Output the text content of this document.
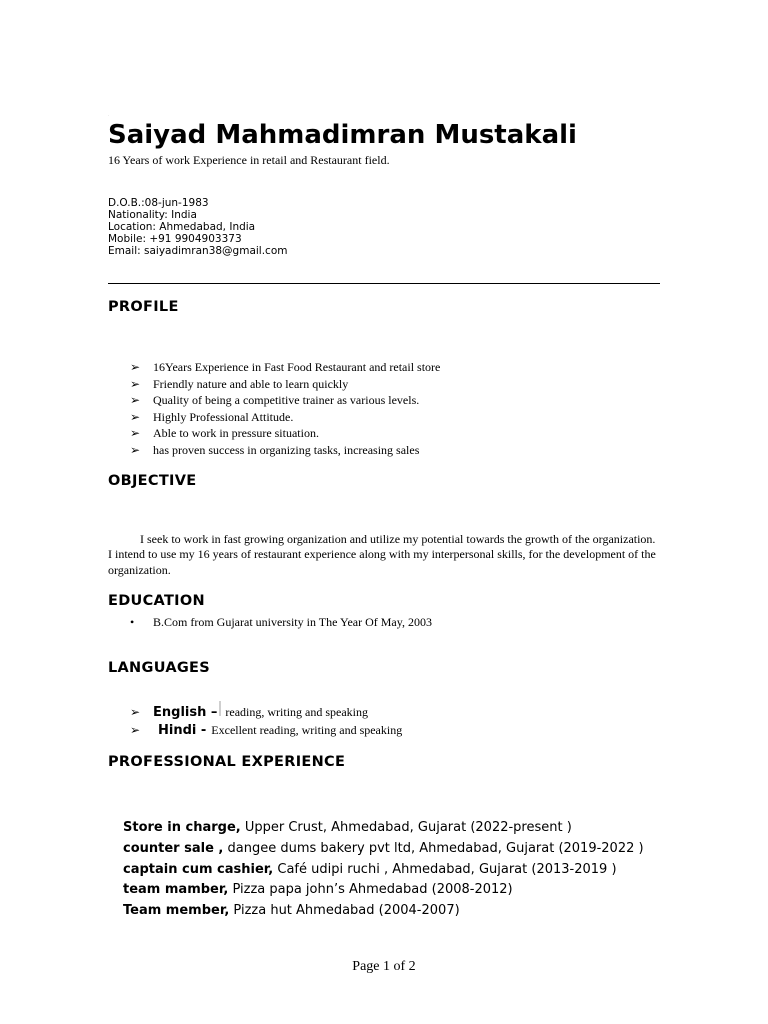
.
Saiyad Mahmadimran Mustakali
16 Years of work Experience in retail and Restaurant field.
D.O.B.:08-jun-1983
Nationality: India
Location: Ahmedabad, India
Mobile: +91 9904903373
Email: saiyadimran38@gmail.com
PROFILE
➢	16Years Experience in Fast Food Restaurant and retail store
➢	Friendly nature and able to learn quickly
➢	Quality of being a competitive trainer as various levels.
➢	Highly Professional Attitude.
➢	Able to work in pressure situation.
➢	has proven success in organizing tasks, increasing sales
OBJECTIVE

I seek to work in fast growing organization and utilize my potential towards the growth of the organization. I intend to use my 16 years of restaurant experience along with my interpersonal skills, for the development of the organization.

EDUCATION
•	B.Com from Gujarat university in The Year Of May, 2003
LANGUAGES
➢ English – reading, writing and speaking
➢	Hindi - Excellent reading, writing and speaking
PROFESSIONAL EXPERIENCE
Store in charge, Upper Crust, Ahmedabad, Gujarat (2022-present )
counter sale , dangee dums bakery pvt ltd, Ahmedabad, Gujarat (2019-2022 )
captain cum cashier, Café udipi ruchi , Ahmedabad, Gujarat (2013-2019 )
team mamber, Pizza papa john’s Ahmedabad (2008-2012)
Team member, Pizza hut Ahmedabad (2004-2007)
Page 1 of 2
